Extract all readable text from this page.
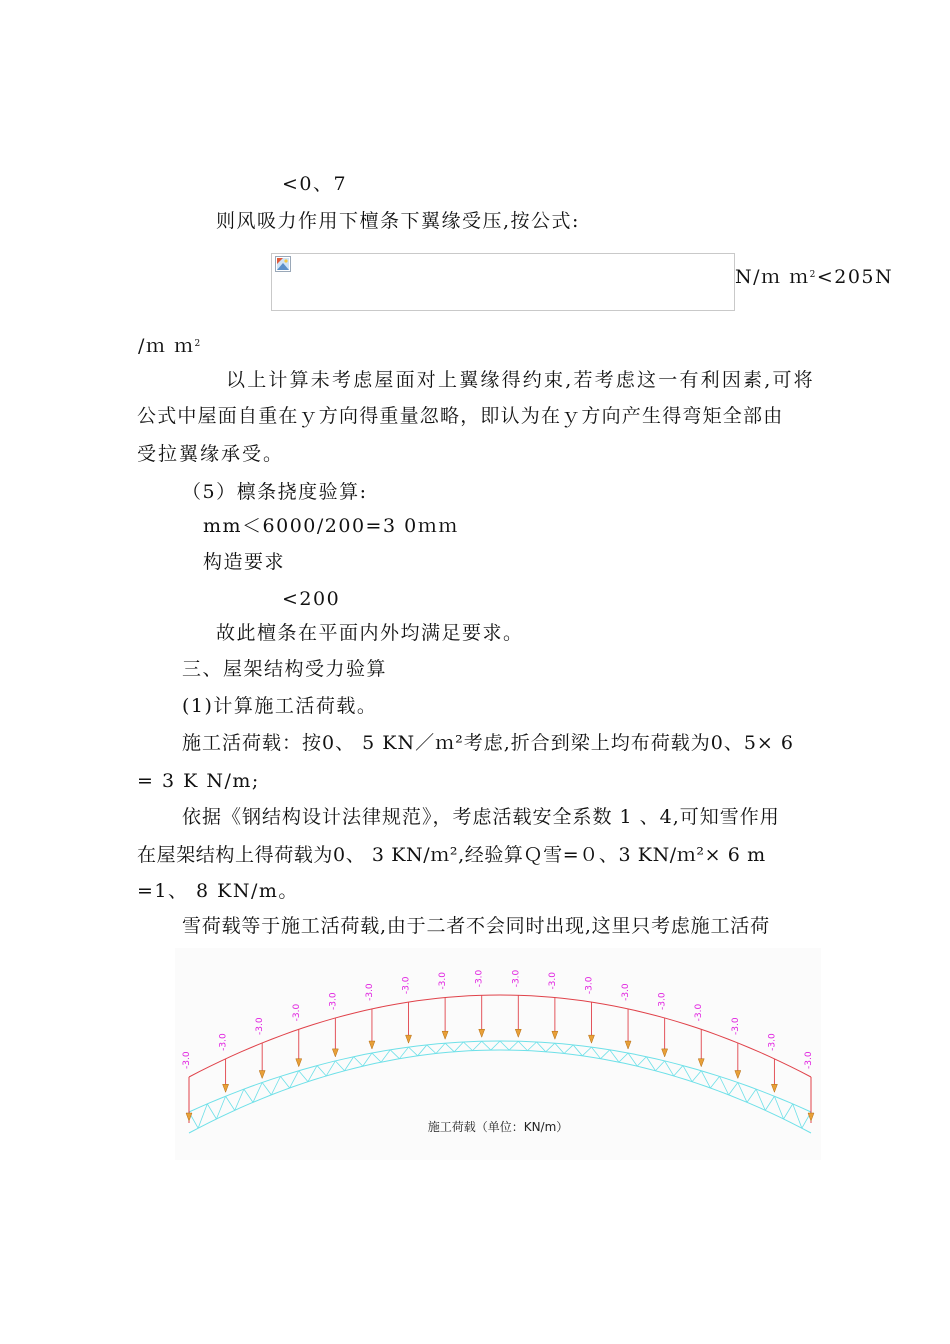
<0、7
则风吸力作用下檀条下翼缘受压,按公式:
N/ｍ ｍ$^2$<205N
/ｍ ｍ$^2$
以上计算未考虑屋面对上翼缘得约束,若考虑这一有利因素,可将
公式中屋面自重在ｙ方向得重量忽略，即认为在ｙ方向产生得弯矩全部由
受拉翼缘承受。
（5）檩条挠度验算:
mm＜6000/200=3 0ｍｍ
构造要求
<200
故此檀条在平面内外均满足要求。
三、屋架结构受力验算
(1)计算施工活荷载。
施工活荷载：按0、 5 KN／ｍ²考虑,折合到梁上均布荷载为0、5× 6
= 3 K N/m;
依据《钢结构设计法律规范》，考虑活载安全系数 1 、4,可知雪作用
在屋架结构上得荷载为0、 3 KN/ｍ²,经验算Ｑ雪=０、3 KN/ｍ²× 6 m
=1、 8 KN/m。
雪荷载等于施工活荷载,由于二者不会同时出现,这里只考虑施工活荷
-3.0
-3.0
-3.0
-3.0
-3.0
-3.0	-3.0	-3.0	-3.0	-3.0	-3.0	-3.0	-3.0
-3.0
-3.0
-3.0
-3.0
-3.0
施工荷载（单位：KN/m）
